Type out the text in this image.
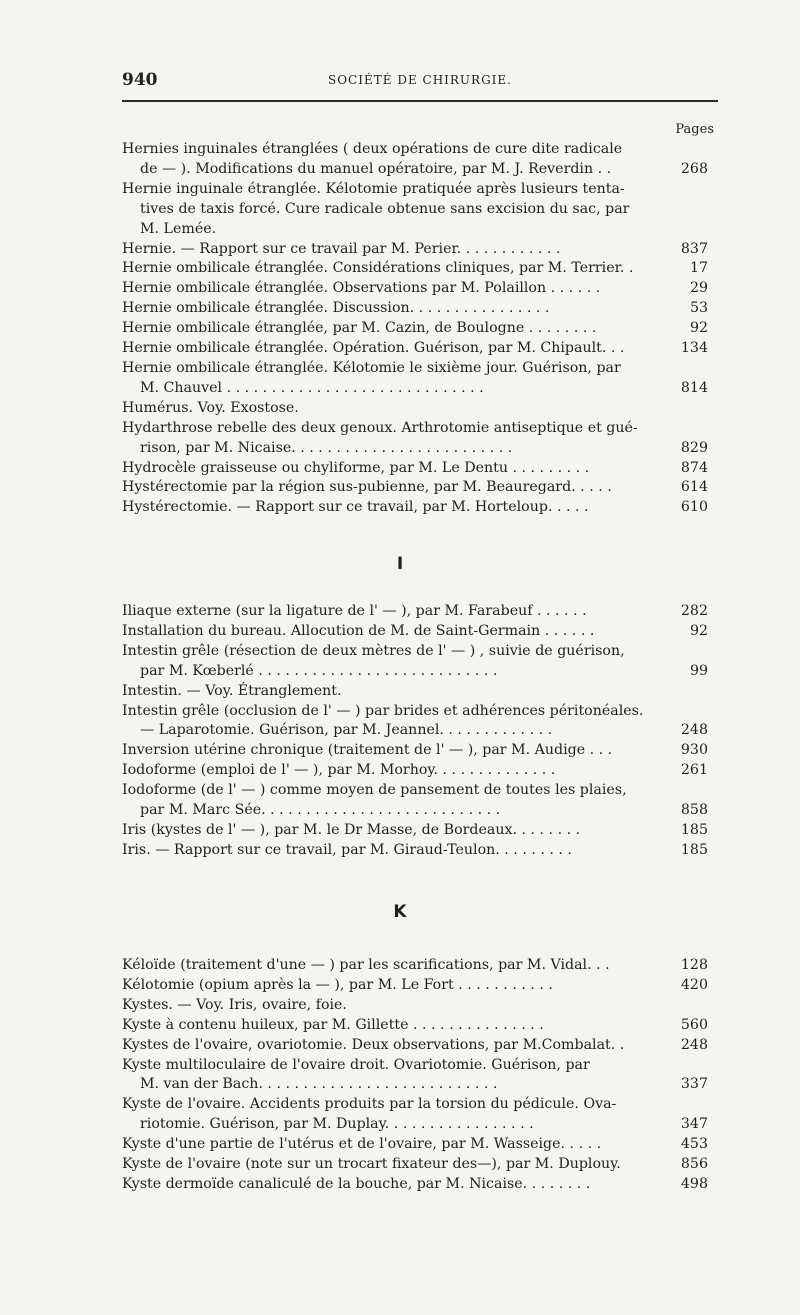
940	SOCIÉTÉ DE CHIRURGIE.
Pages
Hernies inguinales étranglées ( deux opérations de cure dite radicale
de — ). Modifications du manuel opératoire, par M. J. Reverdin . .	268
Hernie inguinale étranglée. Kélotomie pratiquée après lusieurs tenta-
tives de taxis forcé. Cure radicale obtenue sans excision du sac, par
M. Lemée.
Hernie. — Rapport sur ce travail par M. Perier. . . . . . . . . . . .	837
Hernie ombilicale étranglée. Considérations cliniques, par M. Terrier. .	17
Hernie ombilicale étranglée. Observations par M. Polaillon . . . . . .	29
Hernie ombilicale étranglée. Discussion. . . . . . . . . . . . . . . .	53
Hernie ombilicale étranglée, par M. Cazin, de Boulogne . . . . . . . .	92
Hernie ombilicale étranglée. Opération. Guérison, par M. Chipault. . .	134
Hernie ombilicale étranglée. Kélotomie le sixième jour. Guérison, par
M. Chauvel . . . . . . . . . . . . . . . . . . . . . . . . . . . . .	814
Humérus. Voy. Exostose.
Hydarthrose rebelle des deux genoux. Arthrotomie antiseptique et gué-
rison, par M. Nicaise. . . . . . . . . . . . . . . . . . . . . . . . .	829
Hydrocèle graisseuse ou chyliforme, par M. Le Dentu . . . . . . . . .	874
Hystérectomie par la région sus-pubienne, par M. Beauregard. . . . .	614
Hystérectomie. — Rapport sur ce travail, par M. Horteloup. . . . .	610
I
Iliaque externe (sur la ligature de l' — ), par M. Farabeuf . . . . . .	282
Installation du bureau. Allocution de M. de Saint-Germain . . . . . .	92
Intestin grêle (résection de deux mètres de l' — ) , suivie de guérison,
par M. Kœberlé . . . . . . . . . . . . . . . . . . . . . . . . . . .	99
Intestin. — Voy. Étranglement.
Intestin grêle (occlusion de l' — ) par brides et adhérences péritonéales.
— Laparotomie. Guérison, par M. Jeannel. . . . . . . . . . . . .	248
Inversion utérine chronique (traitement de l' — ), par M. Audige . . .	930
Iodoforme (emploi de l' — ), par M. Morhoy. . . . . . . . . . . . . .	261
Iodoforme (de l' — ) comme moyen de pansement de toutes les plaies,
par M. Marc Sée. . . . . . . . . . . . . . . . . . . . . . . . . . .	858
Iris (kystes de l' — ), par M. le Dr Masse, de Bordeaux. . . . . . . .	185
Iris. — Rapport sur ce travail, par M. Giraud-Teulon. . . . . . . . .	185
K
Kéloïde (traitement d'une — ) par les scarifications, par M. Vidal. . .	128
Kélotomie (opium après la — ), par M. Le Fort . . . . . . . . . . .	420
Kystes. — Voy. Iris, ovaire, foie.
Kyste à contenu huileux, par M. Gillette . . . . . . . . . . . . . . .	560
Kystes de l'ovaire, ovariotomie. Deux observations, par M.Combalat. .	248
Kyste multiloculaire de l'ovaire droit. Ovariotomie. Guérison, par
M. van der Bach. . . . . . . . . . . . . . . . . . . . . . . . . . .	337
Kyste de l'ovaire. Accidents produits par la torsion du pédicule. Ova-
riotomie. Guérison, par M. Duplay. . . . . . . . . . . . . . . . .	347
Kyste d'une partie de l'utérus et de l'ovaire, par M. Wasseige. . . . .	453
Kyste de l'ovaire (note sur un trocart fixateur des—), par M. Duplouy.	856
Kyste dermoïde canaliculé de la bouche, par M. Nicaise. . . . . . . .	498
